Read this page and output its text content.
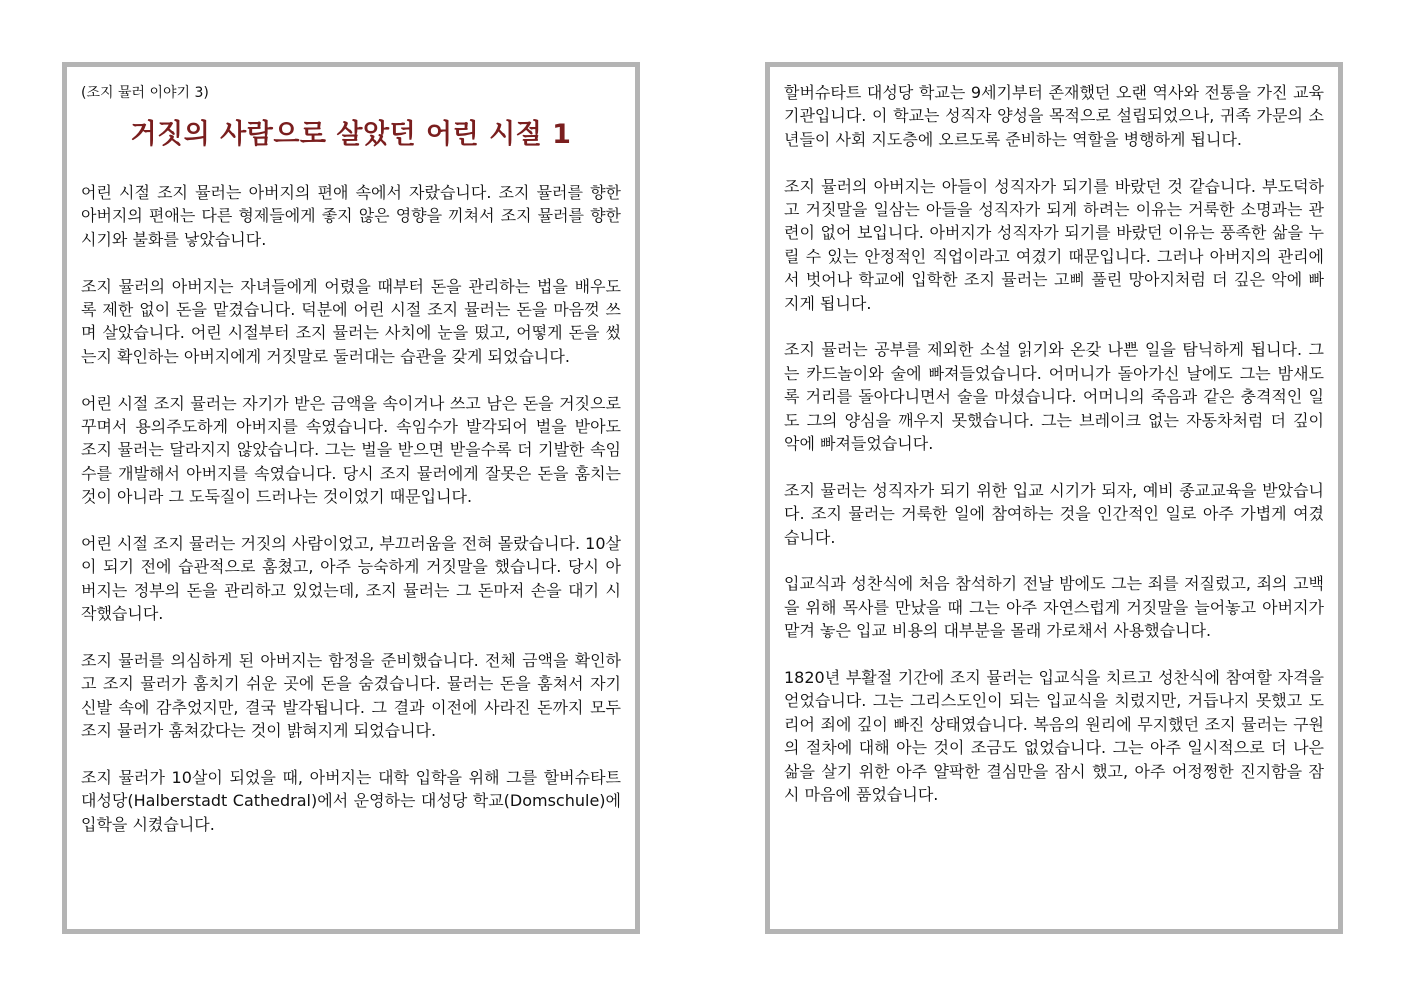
(조지 뮬러 이야기 3)
거짓의 사람으로 살았던 어린 시절 1

어린 시절 조지 뮬러는 아버지의 편애 속에서 자랐습니다. 조지 뮬러를 향한 아버지의 편애는 다른 형제들에게 좋지 않은 영향을 끼쳐서 조지 뮬러를 향한 시기와 불화를 낳았습니다.

조지 뮬러의 아버지는 자녀들에게 어렸을 때부터 돈을 관리하는 법을 배우도록 제한 없이 돈을 맡겼습니다. 덕분에 어린 시절 조지 뮬러는 돈을 마음껏 쓰며 살았습니다. 어린 시절부터 조지 뮬러는 사치에 눈을 떴고, 어떻게 돈을 썼는지 확인하는 아버지에게 거짓말로 둘러대는 습관을 갖게 되었습니다.

어린 시절 조지 뮬러는 자기가 받은 금액을 속이거나 쓰고 남은 돈을 거짓으로 꾸며서 용의주도하게 아버지를 속였습니다. 속임수가 발각되어 벌을 받아도 조지 뮬러는 달라지지 않았습니다. 그는 벌을 받으면 받을수록 더 기발한 속임수를 개발해서 아버지를 속였습니다. 당시 조지 뮬러에게 잘못은 돈을 훔치는 것이 아니라 그 도둑질이 드러나는 것이었기 때문입니다.

어린 시절 조지 뮬러는 거짓의 사람이었고, 부끄러움을 전혀 몰랐습니다. 10살이 되기 전에 습관적으로 훔쳤고, 아주 능숙하게 거짓말을 했습니다. 당시 아버지는 정부의 돈을 관리하고 있었는데, 조지 뮬러는 그 돈마저 손을 대기 시작했습니다.

조지 뮬러를 의심하게 된 아버지는 함정을 준비했습니다. 전체 금액을 확인하고 조지 뮬러가 훔치기 쉬운 곳에 돈을 숨겼습니다. 뮬러는 돈을 훔쳐서 자기 신발 속에 감추었지만, 결국 발각됩니다. 그 결과 이전에 사라진 돈까지 모두 조지 뮬러가 훔쳐갔다는 것이 밝혀지게 되었습니다.

조지 뮬러가 10살이 되었을 때, 아버지는 대학 입학을 위해 그를 할버슈타트 대성당(Halberstadt Cathedral)에서 운영하는 대성당 학교(Domschule)에 입학을 시켰습니다.

할버슈타트 대성당 학교는 9세기부터 존재했던 오랜 역사와 전통을 가진 교육 기관입니다. 이 학교는 성직자 양성을 목적으로 설립되었으나, 귀족 가문의 소년들이 사회 지도층에 오르도록 준비하는 역할을 병행하게 됩니다.

조지 뮬러의 아버지는 아들이 성직자가 되기를 바랐던 것 같습니다. 부도덕하고 거짓말을 일삼는 아들을 성직자가 되게 하려는 이유는 거룩한 소명과는 관련이 없어 보입니다. 아버지가 성직자가 되기를 바랐던 이유는 풍족한 삶을 누릴 수 있는 안정적인 직업이라고 여겼기 때문입니다. 그러나 아버지의 관리에서 벗어나 학교에 입학한 조지 뮬러는 고삐 풀린 망아지처럼 더 깊은 악에 빠지게 됩니다.

조지 뮬러는 공부를 제외한 소설 읽기와 온갖 나쁜 일을 탐닉하게 됩니다. 그는 카드놀이와 술에 빠져들었습니다. 어머니가 돌아가신 날에도 그는 밤새도록 거리를 돌아다니면서 술을 마셨습니다. 어머니의 죽음과 같은 충격적인 일도 그의 양심을 깨우지 못했습니다. 그는 브레이크 없는 자동차처럼 더 깊이 악에 빠져들었습니다.

조지 뮬러는 성직자가 되기 위한 입교 시기가 되자, 예비 종교교육을 받았습니다. 조지 뮬러는 거룩한 일에 참여하는 것을 인간적인 일로 아주 가볍게 여겼습니다.

입교식과 성찬식에 처음 참석하기 전날 밤에도 그는 죄를 저질렀고, 죄의 고백을 위해 목사를 만났을 때 그는 아주 자연스럽게 거짓말을 늘어놓고 아버지가 맡겨 놓은 입교 비용의 대부분을 몰래 가로채서 사용했습니다.

1820년 부활절 기간에 조지 뮬러는 입교식을 치르고 성찬식에 참여할 자격을 얻었습니다. 그는 그리스도인이 되는 입교식을 치렀지만, 거듭나지 못했고 도리어 죄에 깊이 빠진 상태였습니다. 복음의 원리에 무지했던 조지 뮬러는 구원의 절차에 대해 아는 것이 조금도 없었습니다. 그는 아주 일시적으로 더 나은 삶을 살기 위한 아주 얄팍한 결심만을 잠시 했고, 아주 어정쩡한 진지함을 잠시 마음에 품었습니다.
